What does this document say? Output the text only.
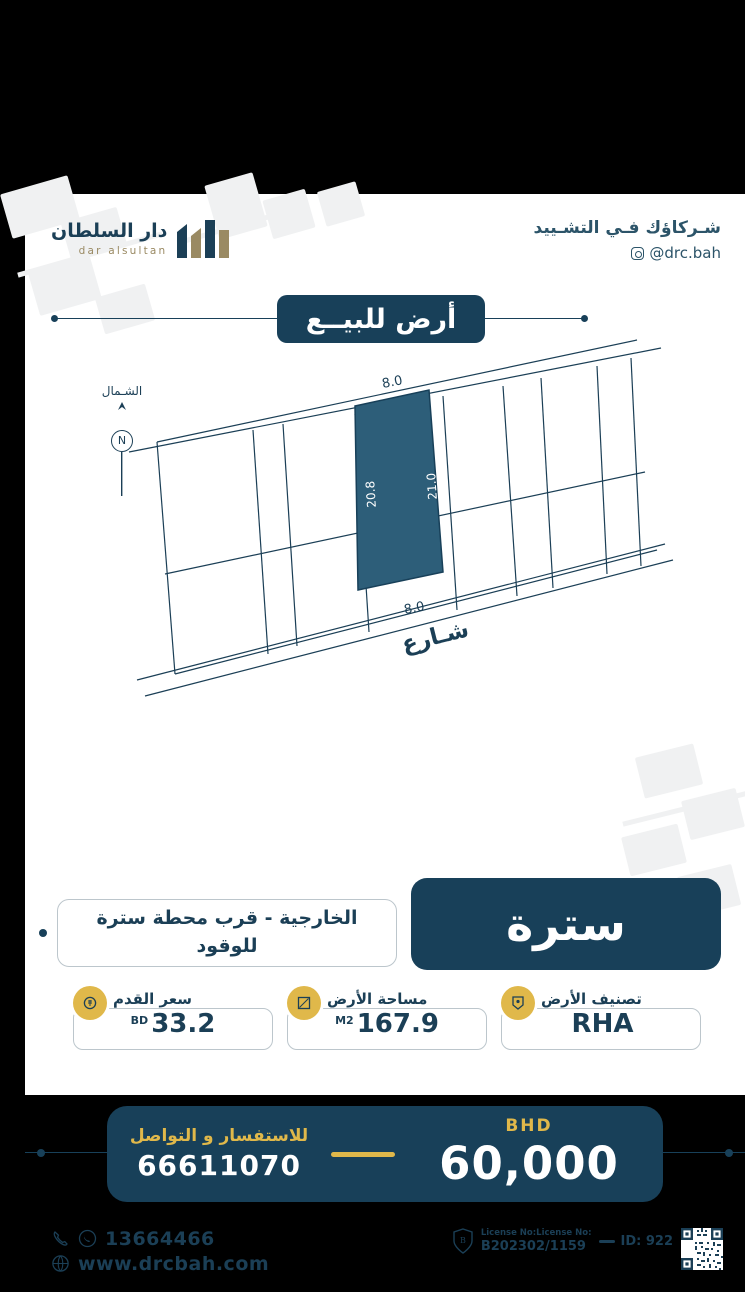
شـركاؤك فـي التشـييد
@drc.bah
دار السلطان
dar alsultan
أرض للبيــع
8.0
8.0
20.8	21.0
شـارع
الشـمال
N
الخارجية - قرب محطة سترة للوقود	سترة
تصنيف الأرض
RHA
مساحة الأرض
167.9
M2
سعر القدم
33.2
BD
BHD
60,000
للاستفسار و التواصل
66611070
B
License No:License No:
B202302/1159	ID: 922
13664466
www.drcbah.com
